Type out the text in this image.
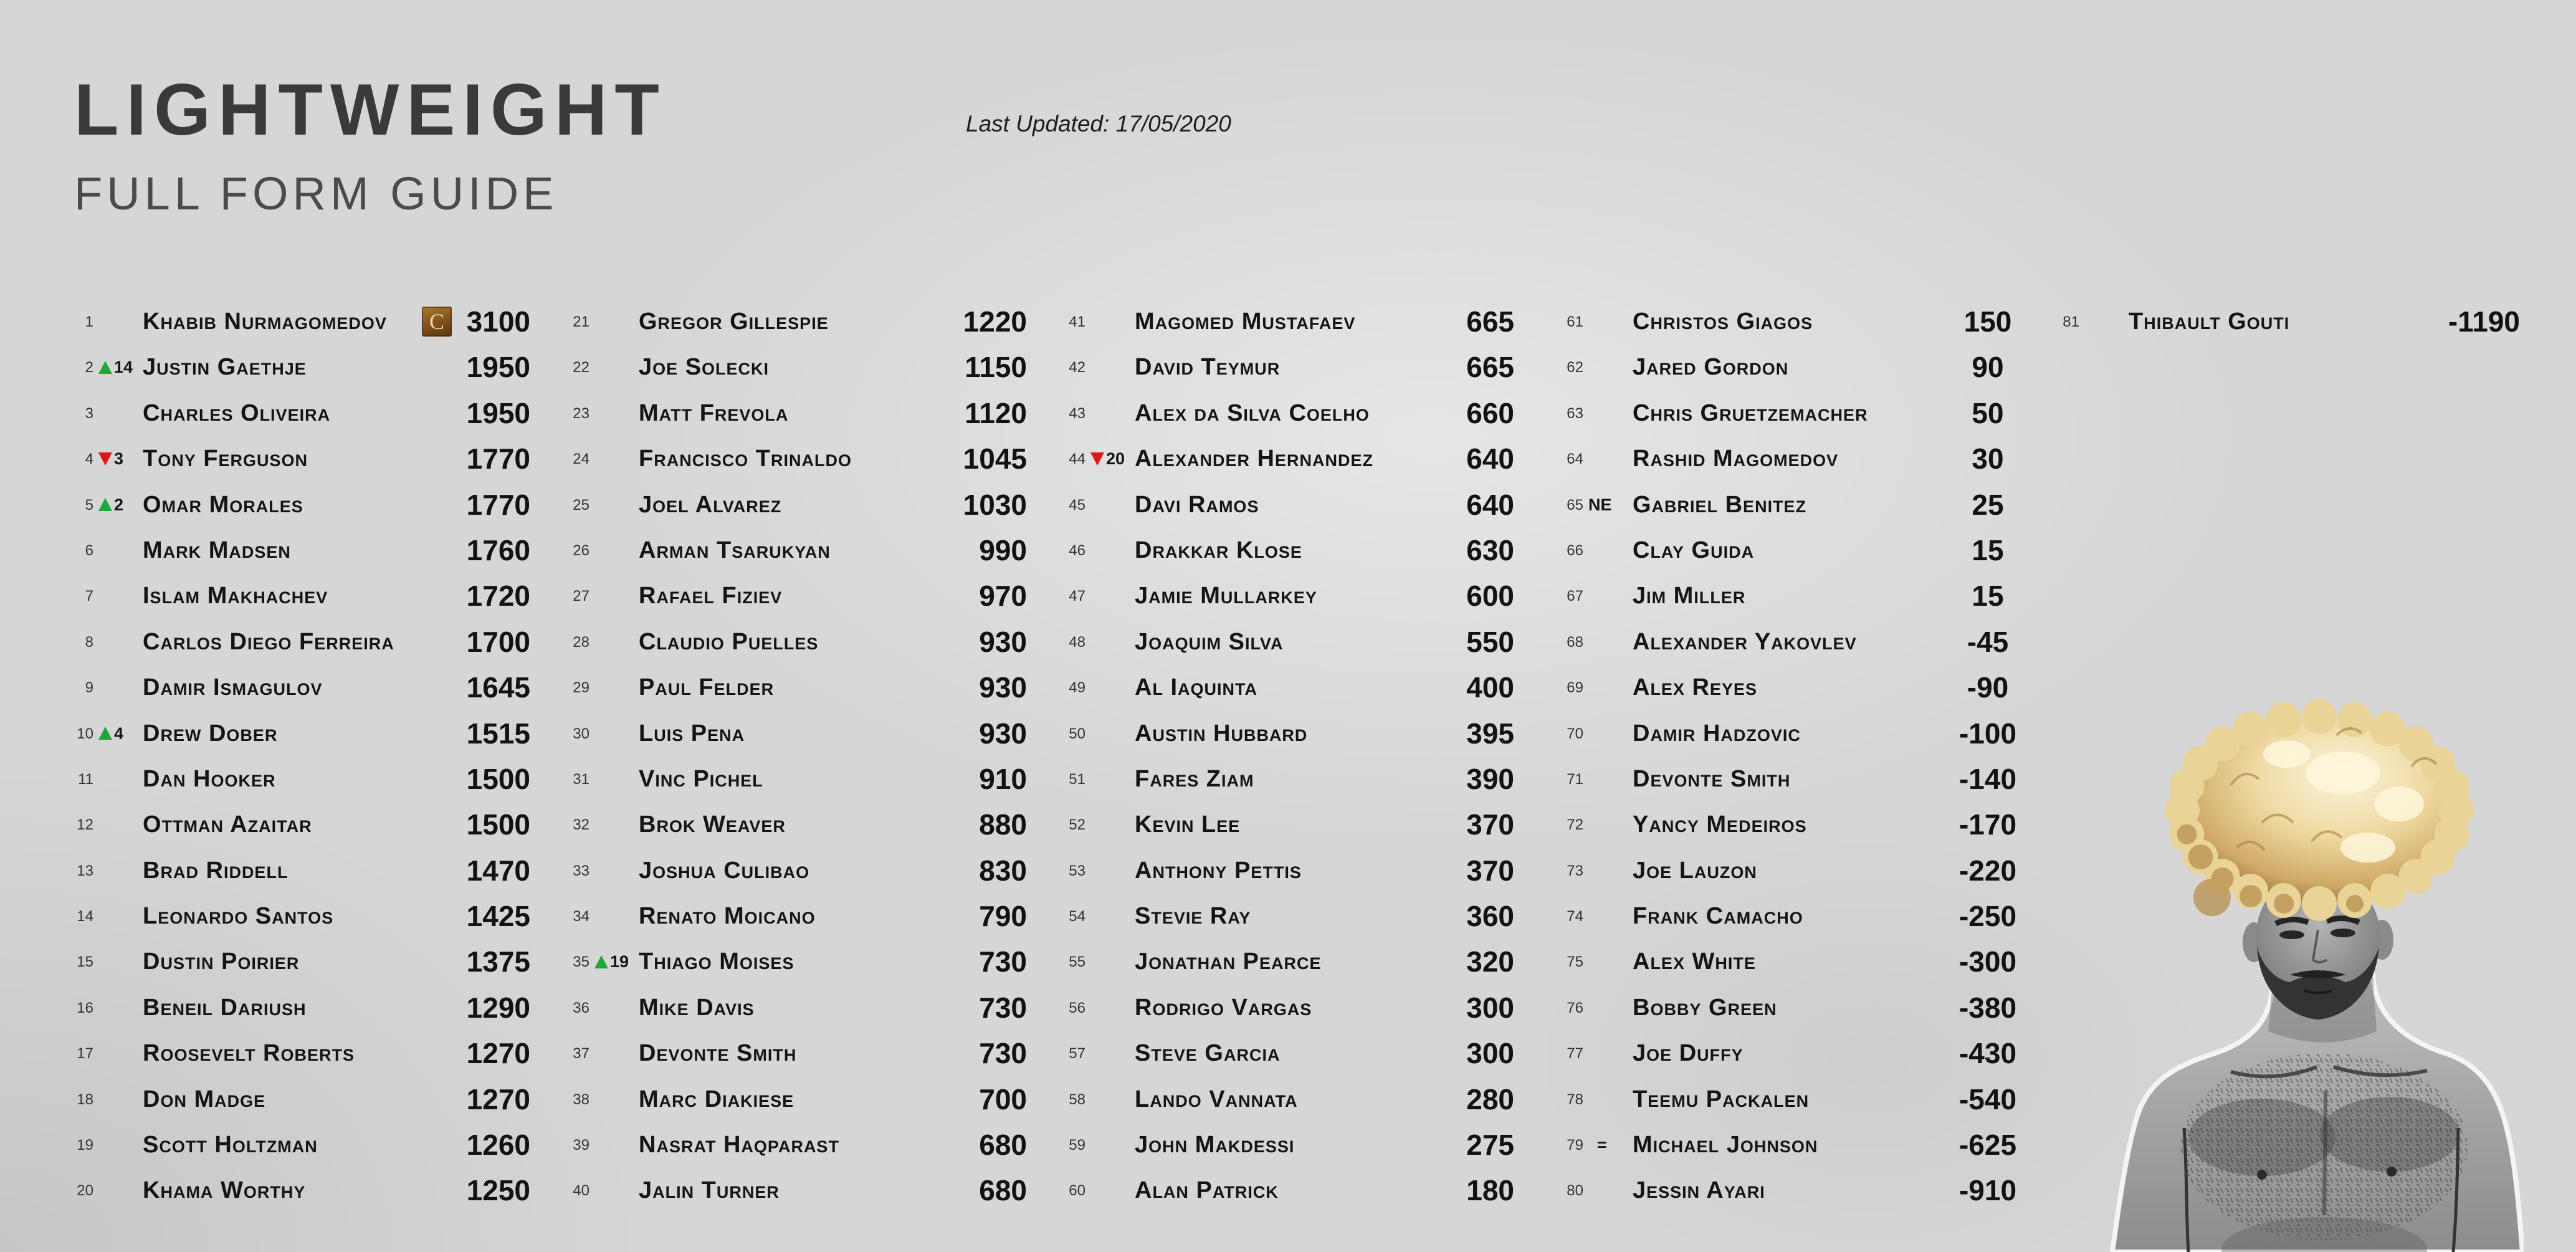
LIGHTWEIGHT
FULL FORM GUIDE
Last Updated: 17/05/2020
1 Khabib Nurmagomedov	C 3100
2	14 Justin Gaethje	1950
3 Charles Oliveira	1950
4	3 Tony Ferguson	1770
5	2 Omar Morales	1770
6 Mark Madsen	1760
7 Islam Makhachev	1720
8 Carlos Diego Ferreira	1700
9 Damir Ismagulov	1645
10	4 Drew Dober	1515
11 Dan Hooker	1500
12 Ottman Azaitar	1500
13 Brad Riddell	1470
14 Leonardo Santos	1425
15 Dustin Poirier	1375
16 Beneil Dariush	1290
17 Roosevelt Roberts	1270
18 Don Madge	1270
19 Scott Holtzman	1260
20 Khama Worthy	1250
21 Gregor Gillespie	1220
22 Joe Solecki	1150
23 Matt Frevola	1120
24 Francisco Trinaldo	1045
25 Joel Alvarez	1030
26 Arman Tsarukyan	990
27 Rafael Fiziev	970
28 Claudio Puelles	930
29 Paul Felder	930
30 Luis Pena	930
31 Vinc Pichel	910
32 Brok Weaver	880
33 Joshua Culibao	830
34 Renato Moicano	790
35	19 Thiago Moises	730
36 Mike Davis	730
37 Devonte Smith	730
38 Marc Diakiese	700
39 Nasrat Haqparast	680
40 Jalin Turner	680
41 Magomed Mustafaev	665
42 David Teymur	665
43 Alex da Silva Coelho	660
44	20 Alexander Hernandez	640
45 Davi Ramos	640
46 Drakkar Klose	630
47 Jamie Mullarkey	600
48 Joaquim Silva	550
49 Al Iaquinta	400
50 Austin Hubbard	395
51 Fares Ziam	390
52 Kevin Lee	370
53 Anthony Pettis	370
54 Stevie Ray	360
55 Jonathan Pearce	320
56 Rodrigo Vargas	300
57 Steve Garcia	300
58 Lando Vannata	280
59 John Makdessi	275
60 Alan Patrick	180
61 Christos Giagos	150
62 Jared Gordon	90
63 Chris Gruetzemacher	50
64 Rashid Magomedov	30
65 NE Gabriel Benitez	25
66 Clay Guida	15
67 Jim Miller	15
68 Alexander Yakovlev	-45
69 Alex Reyes	-90
70 Damir Hadzovic	-100
71 Devonte Smith	-140
72 Yancy Medeiros	-170
73 Joe Lauzon	-220
74 Frank Camacho	-250
75 Alex White	-300
76 Bobby Green	-380
77 Joe Duffy	-430
78 Teemu Packalen	-540
79 = Michael Johnson	-625
80 Jessin Ayari	-910
81 Thibault Gouti	-1190
